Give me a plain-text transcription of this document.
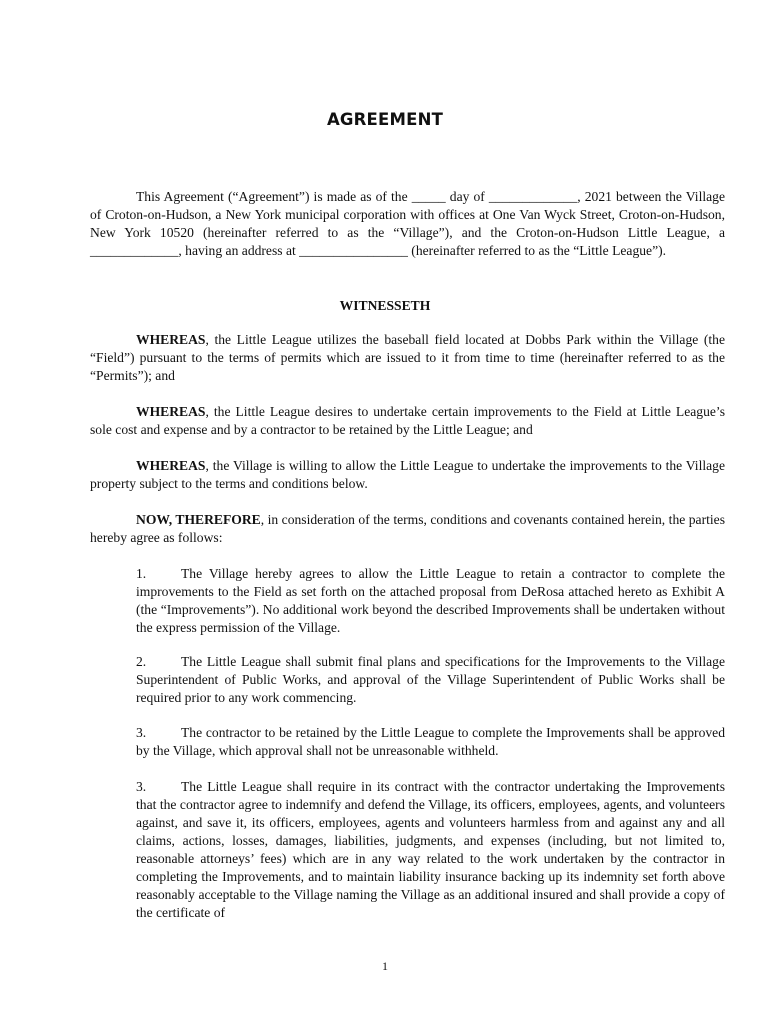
AGREEMENT

This Agreement (“Agreement”) is made as of the _____ day of _____________, 2021 between the Village of Croton-on-Hudson, a New York municipal corporation with offices at One Van Wyck Street, Croton-on-Hudson, New York 10520 (hereinafter referred to as the “Village”), and the Croton-on-Hudson Little League, a _____________, having an address at ________________ (hereinafter referred to as the “Little League”).

WITNESSETH

WHEREAS, the Little League utilizes the baseball field located at Dobbs Park within the Village (the “Field”) pursuant to the terms of permits which are issued to it from time to time (hereinafter referred to as the “Permits”); and

WHEREAS, the Little League desires to undertake certain improvements to the Field at Little League’s sole cost and expense and by a contractor to be retained by the Little League; and

WHEREAS, the Village is willing to allow the Little League to undertake the improvements to the Village property subject to the terms and conditions below.

NOW, THEREFORE, in consideration of the terms, conditions and covenants contained herein, the parties hereby agree as follows:

1.	The Village hereby agrees to allow the Little League to retain a contractor to complete the improvements to the Field as set forth on the attached proposal from DeRosa attached hereto as Exhibit A (the “Improvements”). No additional work beyond the described Improvements shall be undertaken without the express permission of the Village.

2.	The Little League shall submit final plans and specifications for the Improvements to the Village Superintendent of Public Works, and approval of the Village Superintendent of Public Works shall be required prior to any work commencing.

3.	The contractor to be retained by the Little League to complete the Improvements shall be approved by the Village, which approval shall not be unreasonable withheld.

3.	The Little League shall require in its contract with the contractor undertaking the Improvements that the contractor agree to indemnify and defend the Village, its officers, employees, agents, and volunteers against, and save it, its officers, employees, agents and volunteers harmless from and against any and all claims, actions, losses, damages, liabilities, judgments, and expenses (including, but not limited to, reasonable attorneys’ fees) which are in any way related to the work undertaken by the contractor in completing the Improvements, and to maintain liability insurance backing up its indemnity set forth above reasonably acceptable to the Village naming the Village as an additional insured and shall provide a copy of the certificate of

1
